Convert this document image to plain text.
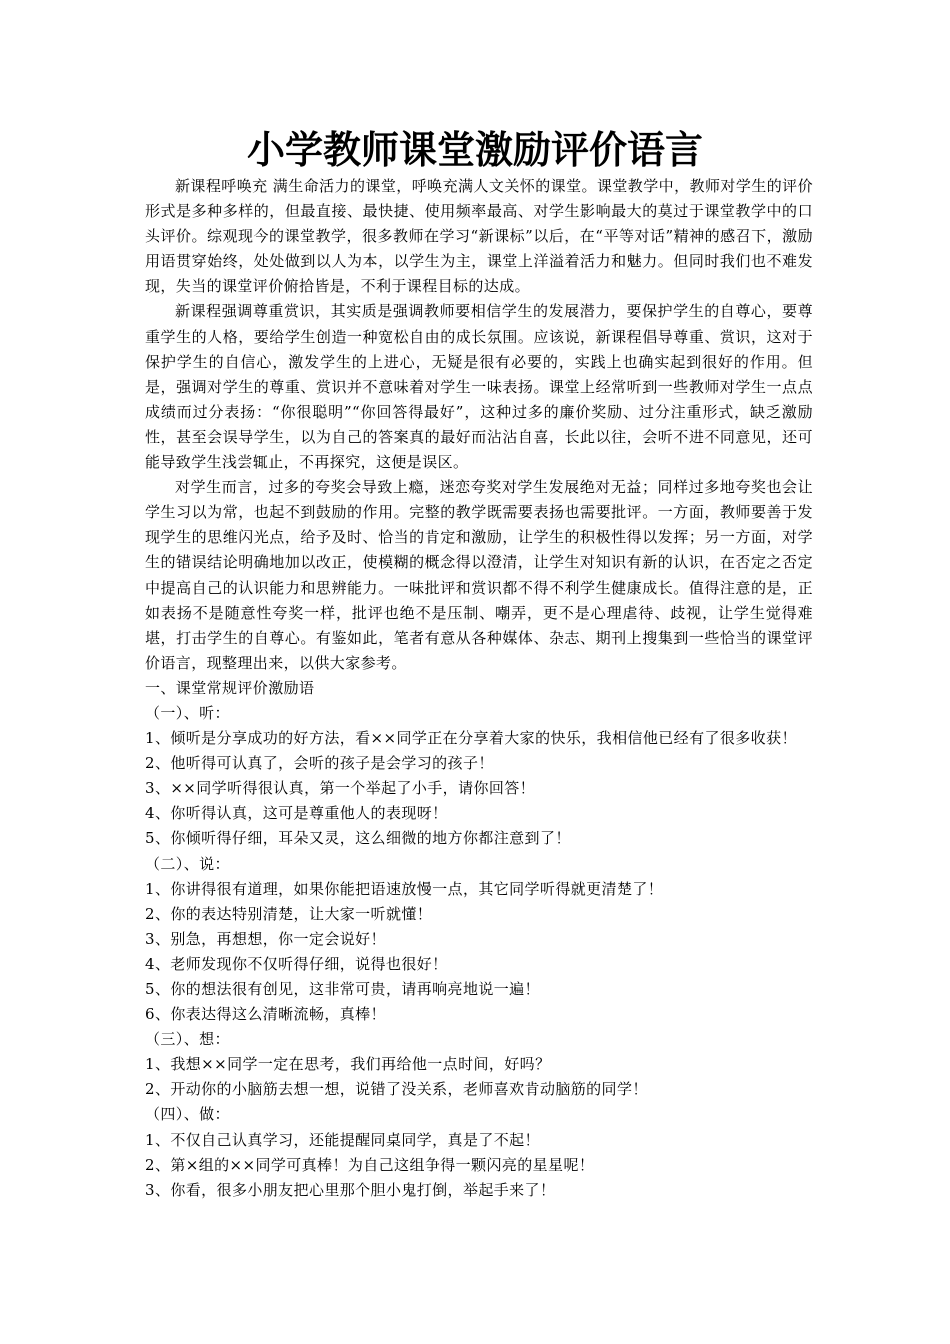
小学教师课堂激励评价语言

新课程呼唤充 满生命活力的课堂，呼唤充满人文关怀的课堂。课堂教学中，教师对学生的评价形式是多种多样的，但最直接、最快捷、使用频率最高、对学生影响最大的莫过于课堂教学中的口头评价。综观现今的课堂教学，很多教师在学习“新课标”以后，在“平等对话”精神的感召下，激励用语贯穿始终，处处做到以人为本，以学生为主，课堂上洋溢着活力和魅力。但同时我们也不难发现，失当的课堂评价俯拾皆是，不利于课程目标的达成。

新课程强调尊重赏识，其实质是强调教师要相信学生的发展潜力，要保护学生的自尊心，要尊重学生的人格，要给学生创造一种宽松自由的成长氛围。应该说，新课程倡导尊重、赏识，这对于保护学生的自信心，激发学生的上进心，无疑是很有必要的，实践上也确实起到很好的作用。但是，强调对学生的尊重、赏识并不意味着对学生一味表扬。课堂上经常听到一些教师对学生一点点成绩而过分表扬：“你很聪明”“你回答得最好”，这种过多的廉价奖励、过分注重形式，缺乏激励性，甚至会误导学生，以为自己的答案真的最好而沾沾自喜，长此以往，会听不进不同意见，还可能导致学生浅尝辄止，不再探究，这便是误区。

对学生而言，过多的夸奖会导致上瘾，迷恋夸奖对学生发展绝对无益；同样过多地夸奖也会让学生习以为常，也起不到鼓励的作用。完整的教学既需要表扬也需要批评。一方面，教师要善于发现学生的思维闪光点，给予及时、恰当的肯定和激励，让学生的积极性得以发挥；另一方面，对学生的错误结论明确地加以改正，使模糊的概念得以澄清，让学生对知识有新的认识，在否定之否定中提高自己的认识能力和思辨能力。一味批评和赏识都不得不利学生健康成长。值得注意的是，正如表扬不是随意性夸奖一样，批评也绝不是压制、嘲弄，更不是心理虐待、歧视，让学生觉得难堪，打击学生的自尊心。有鉴如此，笔者有意从各种媒体、杂志、期刊上搜集到一些恰当的课堂评价语言，现整理出来，以供大家参考。

一、课堂常规评价激励语

（一）、听：

1、倾听是分享成功的好方法，看××同学正在分享着大家的快乐，我相信他已经有了很多收获！

2、他听得可认真了，会听的孩子是会学习的孩子！

3、××同学听得很认真，第一个举起了小手，请你回答！

4、你听得认真，这可是尊重他人的表现呀！

5、你倾听得仔细，耳朵又灵，这么细微的地方你都注意到了！

（二）、说：

1、你讲得很有道理，如果你能把语速放慢一点，其它同学听得就更清楚了！

2、你的表达特别清楚，让大家一听就懂！

3、别急，再想想，你一定会说好！

4、老师发现你不仅听得仔细，说得也很好！

5、你的想法很有创见，这非常可贵，请再响亮地说一遍！

6、你表达得这么清晰流畅，真棒！

（三）、想：

1、我想××同学一定在思考，我们再给他一点时间，好吗？

2、开动你的小脑筋去想一想，说错了没关系，老师喜欢肯动脑筋的同学！

（四）、做：

1、不仅自己认真学习，还能提醒同桌同学，真是了不起！

2、第×组的××同学可真棒！为自己这组争得一颗闪亮的星星呢！

3、你看，很多小朋友把心里那个胆小鬼打倒，举起手来了！
